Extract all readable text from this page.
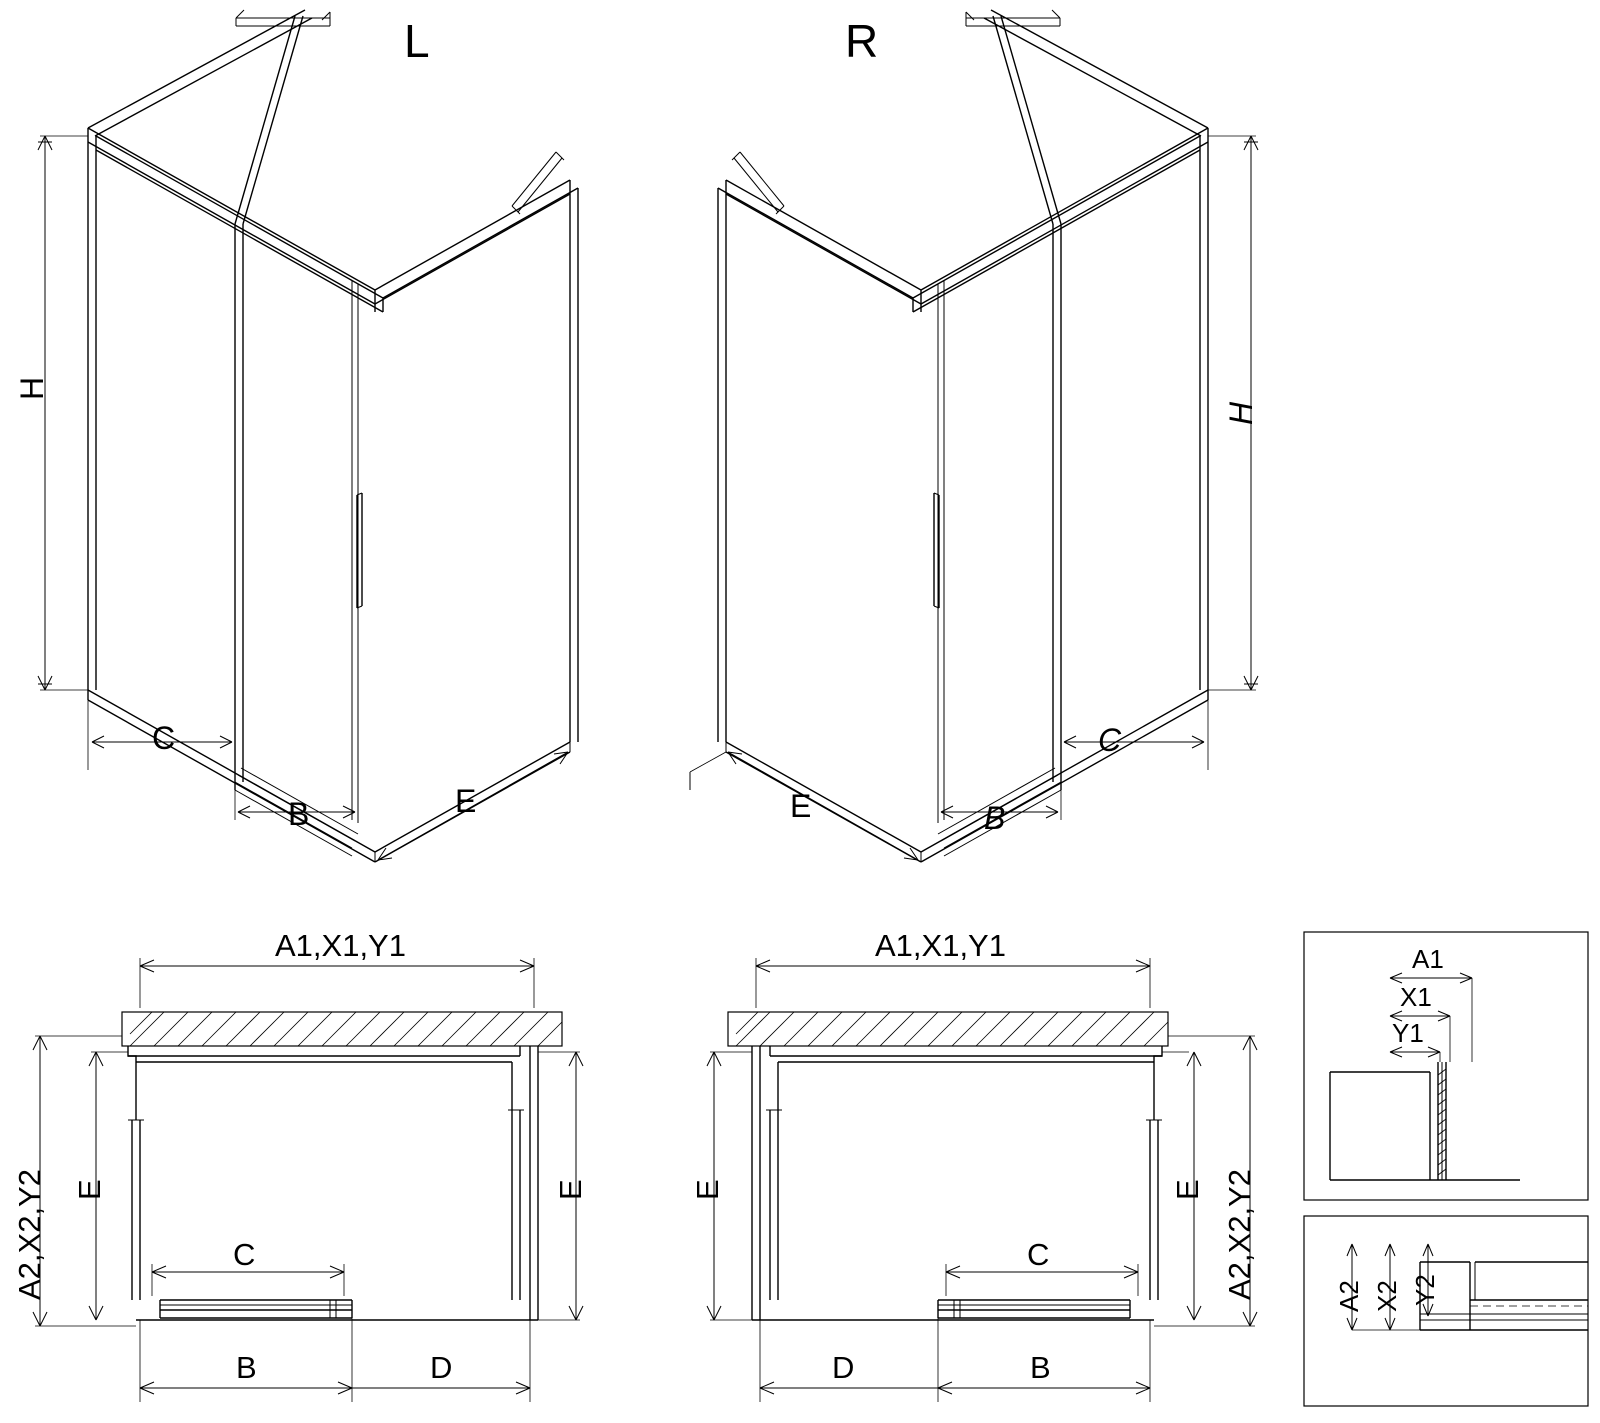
L
H
C
B	E
R
H
C
B
E
A1,X1,Y1
A2,X2,Y2 E	E
C
B	D
A1,X1,Y1
A2,X2,Y2
E
E
C
D	B
A1
X1
Y1
A2 X2 Y2
